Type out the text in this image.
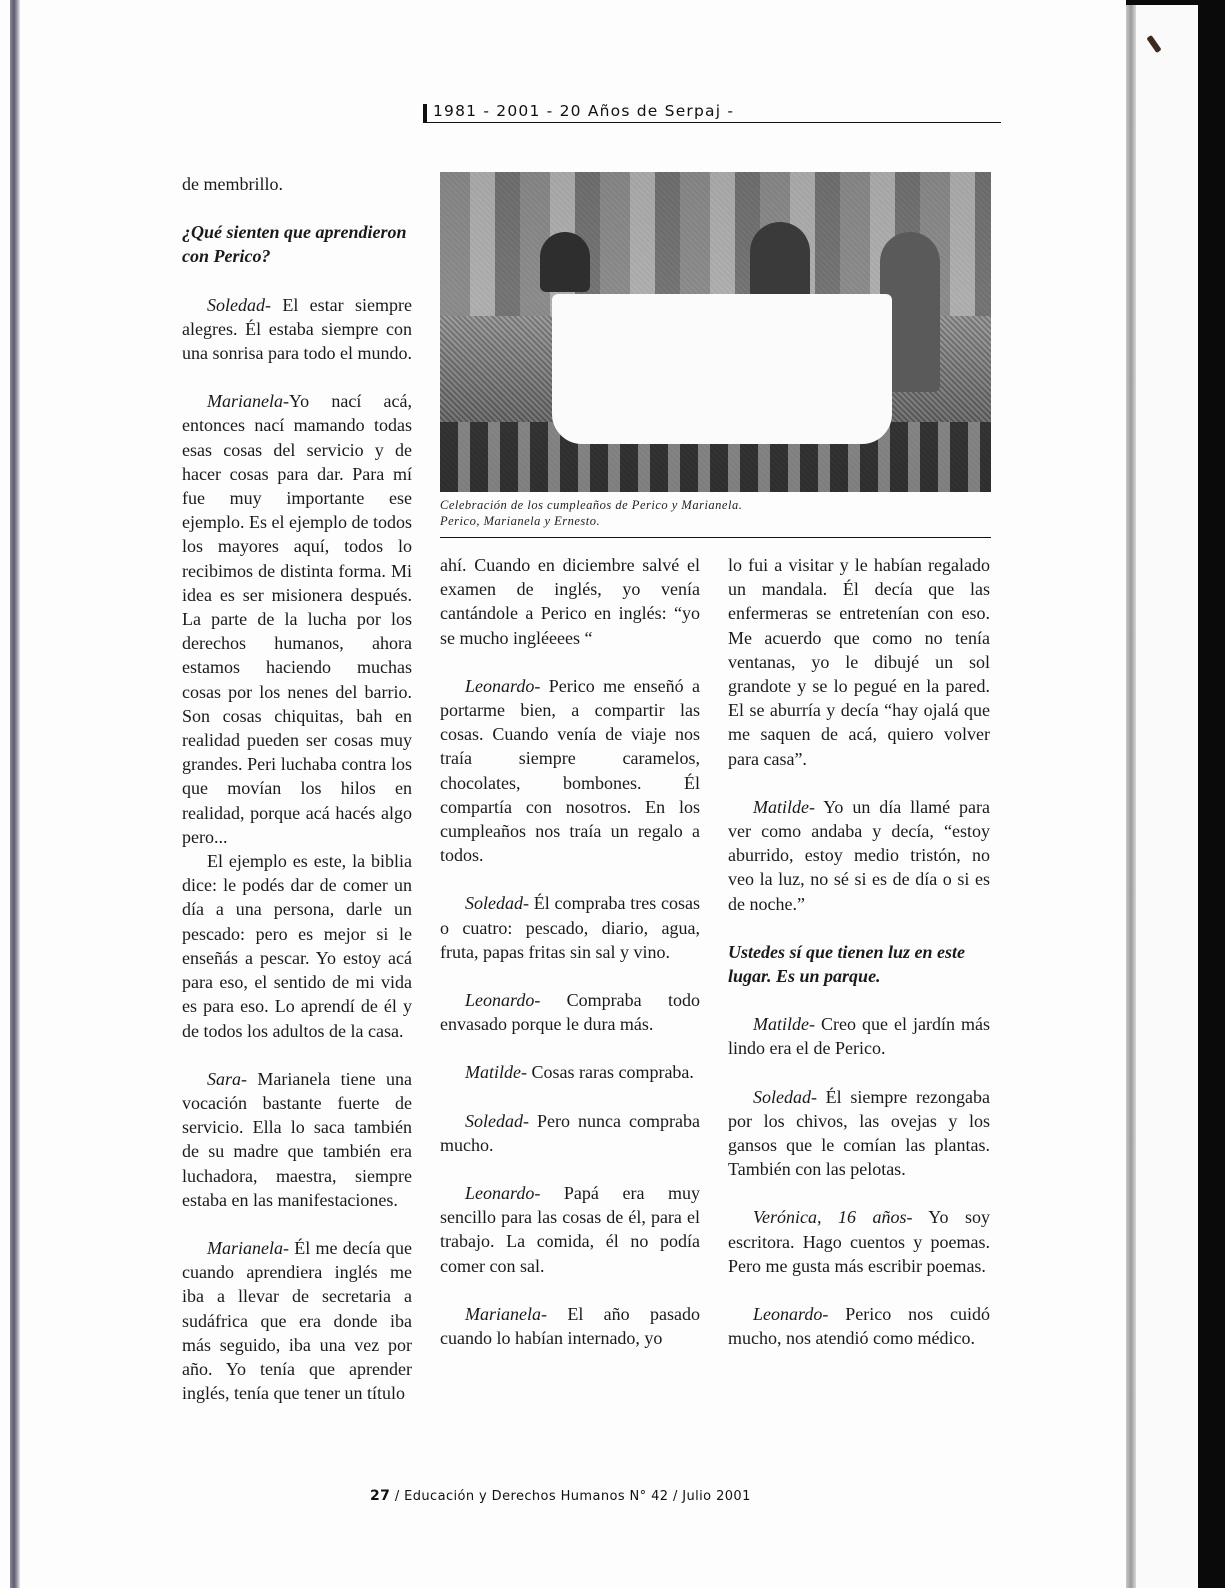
1981 - 2001 - 20 Años de Serpaj -

de membrillo.

¿Qué sienten que aprendieron con Perico?

Soledad- El estar siempre alegres. Él estaba siempre con una sonrisa para todo el mundo.

Marianela-Yo nací acá, entonces nací mamando todas esas cosas del servicio y de hacer cosas para dar. Para mí fue muy importante ese ejemplo. Es el ejemplo de todos los mayores aquí, todos lo recibimos de distinta forma. Mi idea es ser misionera después. La parte de la lucha por los derechos humanos, ahora estamos haciendo muchas cosas por los nenes del barrio. Son cosas chiquitas, bah en realidad pueden ser cosas muy grandes. Peri luchaba contra los que movían los hilos en realidad, porque acá hacés algo pero...

El ejemplo es este, la biblia dice: le podés dar de comer un día a una persona, darle un pescado: pero es mejor si le enseñás a pescar. Yo estoy acá para eso, el sentido de mi vida es para eso. Lo aprendí de él y de todos los adultos de la casa.

Sara- Marianela tiene una vocación bastante fuerte de servicio. Ella lo saca también de su madre que también era luchadora, maestra, siempre estaba en las manifestaciones.

Marianela- Él me decía que cuando aprendiera inglés me iba a llevar de secretaria a sudáfrica que era donde iba más seguido, iba una vez por año. Yo tenía que aprender inglés, tenía que tener un título

Celebración de los cumpleaños de Perico y Marianela.

Perico, Marianela y Ernesto.

ahí. Cuando en diciembre salvé el examen de inglés, yo venía cantándole a Perico en inglés: “yo se mucho ingléeees “

Leonardo- Perico me enseñó a portarme bien, a compartir las cosas. Cuando venía de viaje nos traía siempre caramelos, chocolates, bombones. Él compartía con nosotros. En los cumpleaños nos traía un regalo a todos.

Soledad- Él compraba tres cosas o cuatro: pescado, diario, agua, fruta, papas fritas sin sal y vino.

Leonardo- Compraba todo envasado porque le dura más.

Matilde- Cosas raras compraba.

Soledad- Pero nunca compraba mucho.

Leonardo- Papá era muy sencillo para las cosas de él, para el trabajo. La comida, él no podía comer con sal.

Marianela- El año pasado cuando lo habían internado, yo

lo fui a visitar y le habían regalado un mandala. Él decía que las enfermeras se entretenían con eso. Me acuerdo que como no tenía ventanas, yo le dibujé un sol grandote y se lo pegué en la pared. El se aburría y decía “hay ojalá que me saquen de acá, quiero volver para casa”.

Matilde- Yo un día llamé para ver como andaba y decía, “estoy aburrido, estoy medio tristón, no veo la luz, no sé si es de día o si es de noche.”

Ustedes sí que tienen luz en este lugar. Es un parque.

Matilde- Creo que el jardín más lindo era el de Perico.

Soledad- Él siempre rezongaba por los chivos, las ovejas y los gansos que le comían las plantas. También con las pelotas.

Verónica, 16 años- Yo soy escritora. Hago cuentos y poemas. Pero me gusta más escribir poemas.

Leonardo- Perico nos cuidó mucho, nos atendió como médico.

27 / Educación y Derechos Humanos N° 42 / Julio 2001
